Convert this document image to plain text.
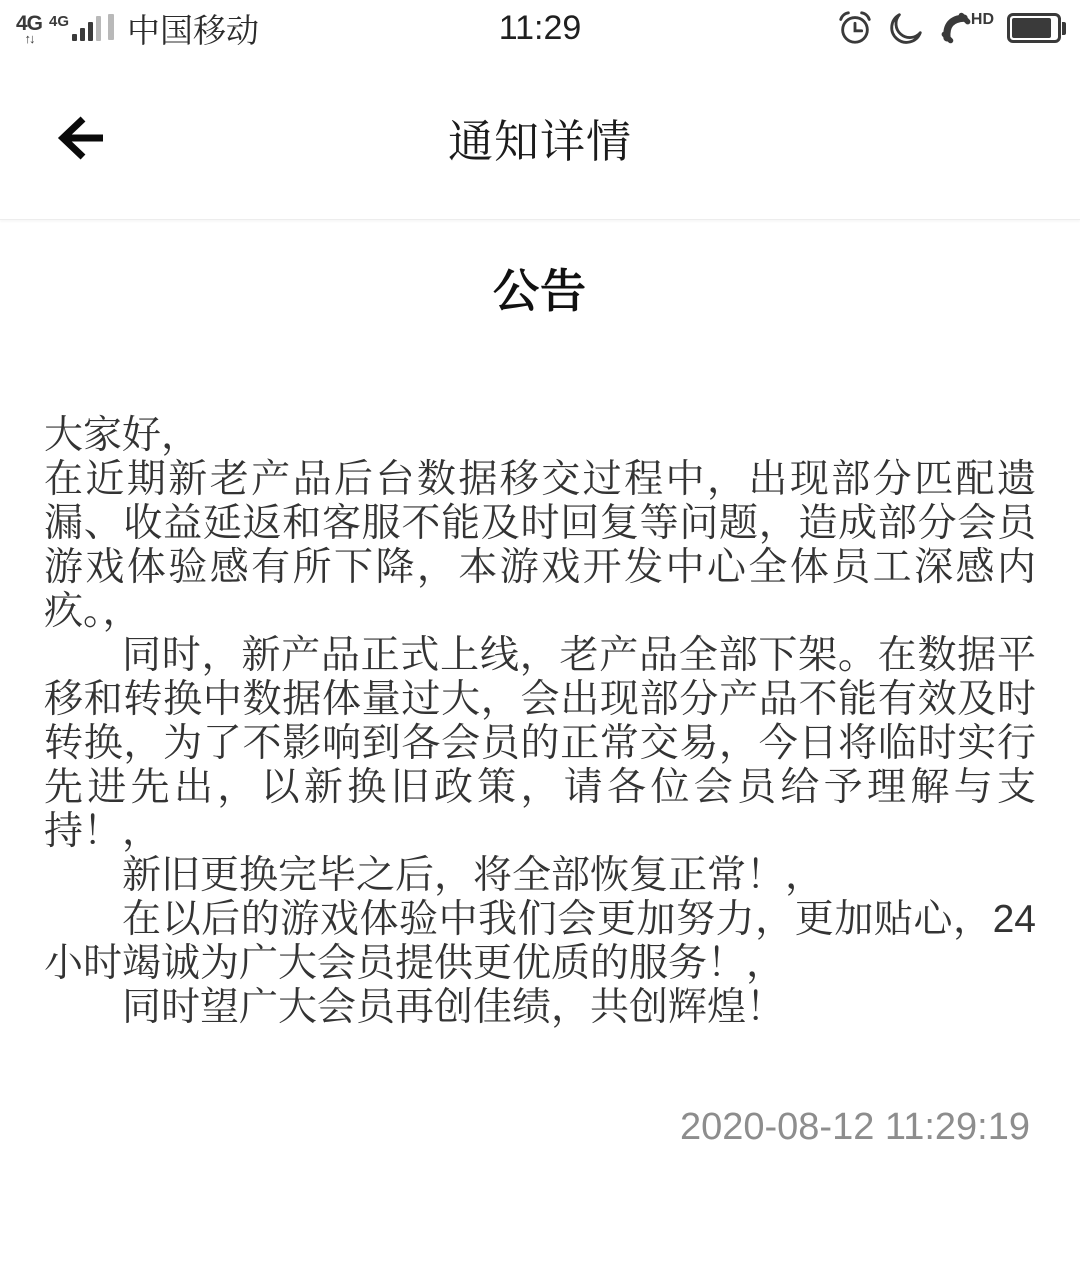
4G
↑↓
4G 中国移动	11:29	HD
通知详情
公告

大家好，

在近期新老产品后台数据移交过程中，出现部分匹配遗漏、收益延返和客服不能及时回复等问题，造成部分会员游戏体验感有所下降，本游戏开发中心全体员工深感内疚。，

同时，新产品正式上线，老产品全部下架。在数据平移和转换中数据体量过大，会出现部分产品不能有效及时转换，为了不影响到各会员的正常交易，今日将临时实行先进先出，以新换旧政策，请各位会员给予理解与支持！，

新旧更换完毕之后，将全部恢复正常！，

在以后的游戏体验中我们会更加努力，更加贴心，24小时竭诚为广大会员提供更优质的服务！，

同时望广大会员再创佳绩，共创辉煌！

2020-08-12 11:29:19
